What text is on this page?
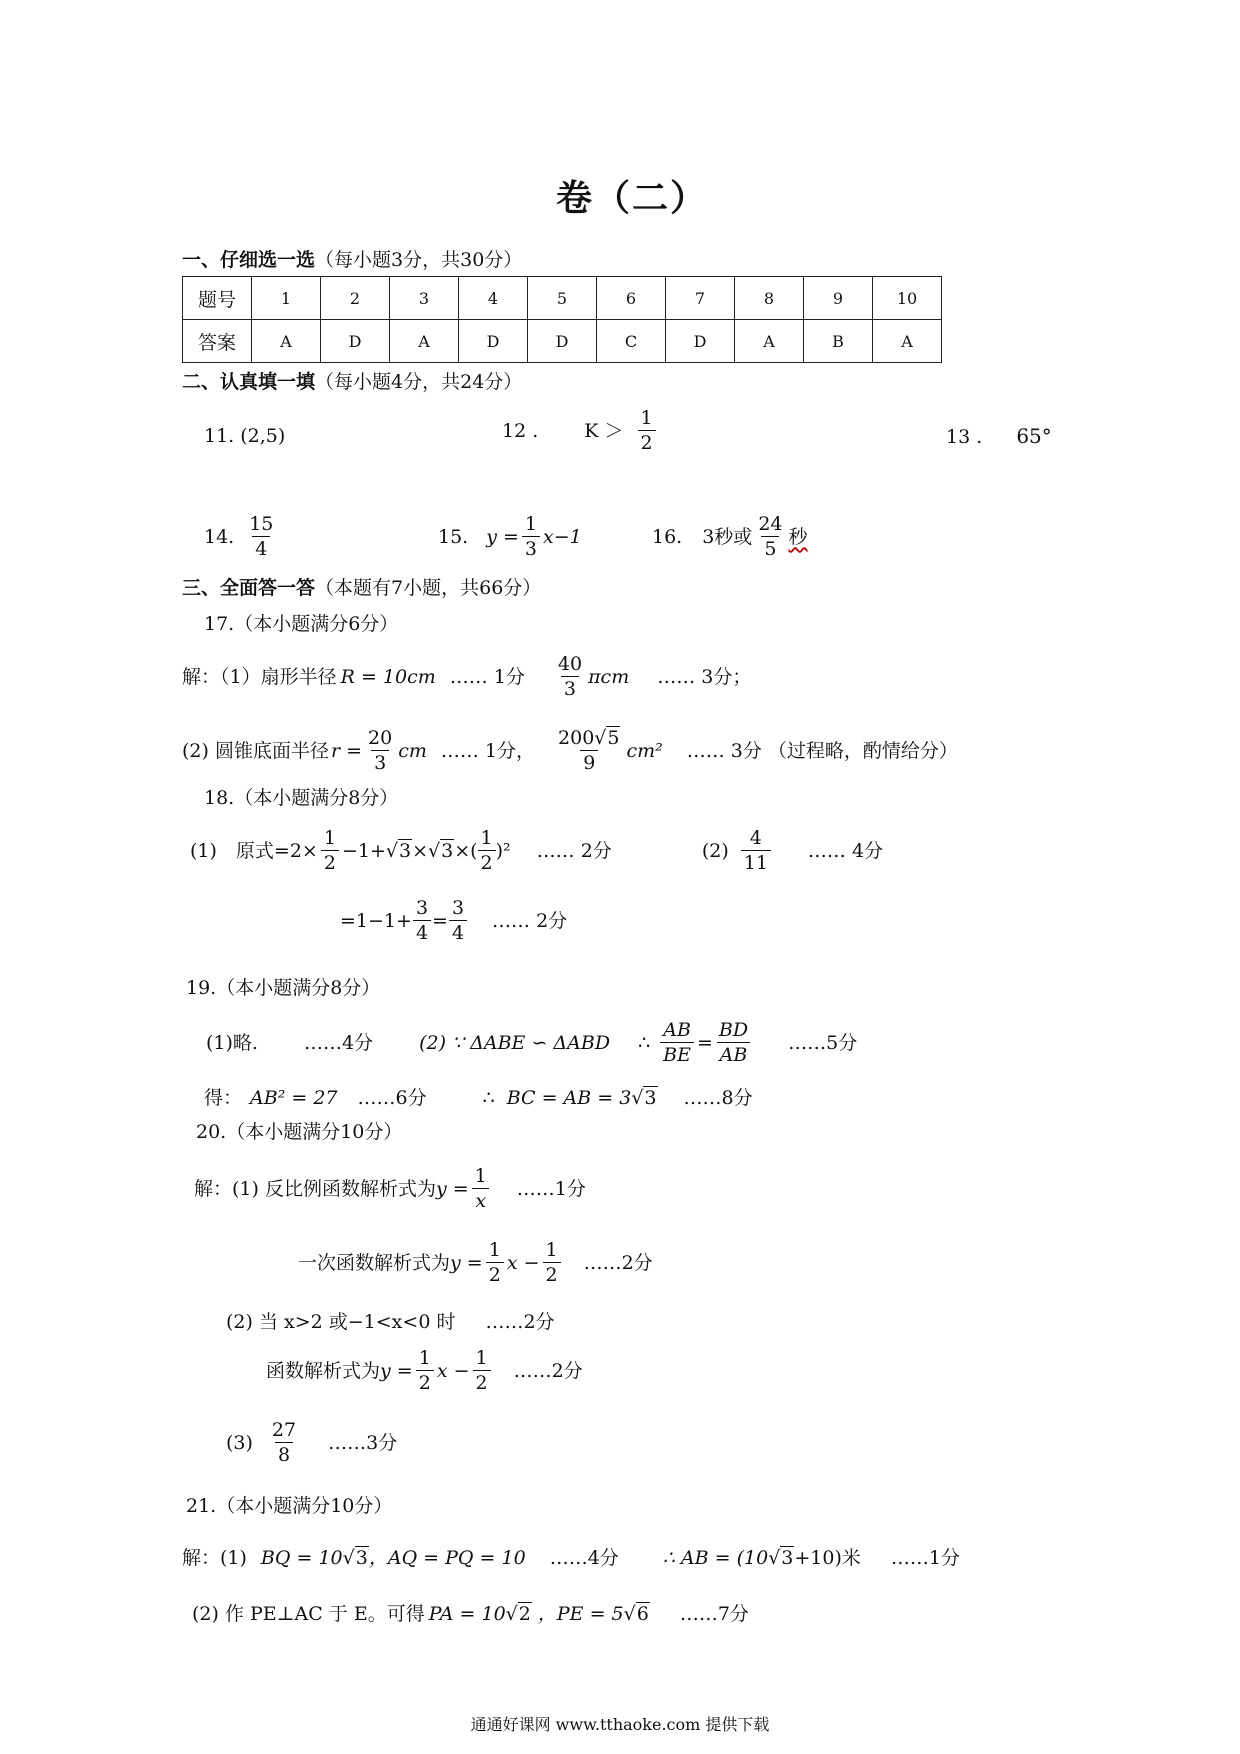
卷（二）
一、仔细选一选（每小题3分，共30分）
题号	1	2	3	4	5	6	7	8	9	10
答案	A	D	A	D	D	C	D	A	B	A
二、认真填一填（每小题4分，共24分）
11. (2,5)	12 . $K > \frac{1}{2}$	13 . 65°
14. $\frac{15}{4}$	15. $y = \frac{1}{3} x-1$	16. 3秒或 $\frac{24}{5}$ 秒
三、全面答一答（本题有7小题，共66分）
17.（本小题满分6分）
解：（1）扇形半径 R = 10cm …… 1分 $\frac{40}{3}$ πcm …… 3分；
(2) 圆锥底面半径 $r = \frac{20}{3}$ cm …… 1分， $\frac{200√5}{9} cm^2$ …… 3分 （过程略，酌情给分）
18.（本小题满分8分）
(1)　原式$=2\times \frac{1}{2} -1+ √3 \times √3$ ×( $\frac{1}{2} )^2$ …… 2分	$(2) \frac{4}{11}$ …… 4分
$=1-1+ \frac{3}{4} = \frac{3}{4}$ …… 2分
19.（本小题满分8分）
(1)略. ……4分 (2) ∵ ΔABE ∽ ΔABD ∴ $\frac{AB}{BE} = \frac{BD}{AB}$ ……5分
得： AB² = 27 ……6分	∴ BC = AB = 3 √3 ……8分
20.（本小题满分10分）
解：(1) 反比例函数解析式为 $y = \frac{1}{x}$ ……1分
一次函数解析式为 $y = \frac{1}{2}$ $x - \frac{1}{2}$ ……2分
(2) 当 x>2 或−1<x<0 时 ……2分
函数解析式为 $y = \frac{1}{2}$ $x - \frac{1}{2}$ ……2分
$(3) \frac{27}{8}$ ……3分
21.（本小题满分10分）
解：(1) BQ = 10 √3 ，AQ = PQ = 10 ……4分 ∴ AB = (10 √3 +10)米 ……1分
(2) 作 PE⊥AC 于 E。可得 PA = 10 √2 ，PE = 5 √6 ……7分
通通好课网 www.tthaoke.com 提供下载
